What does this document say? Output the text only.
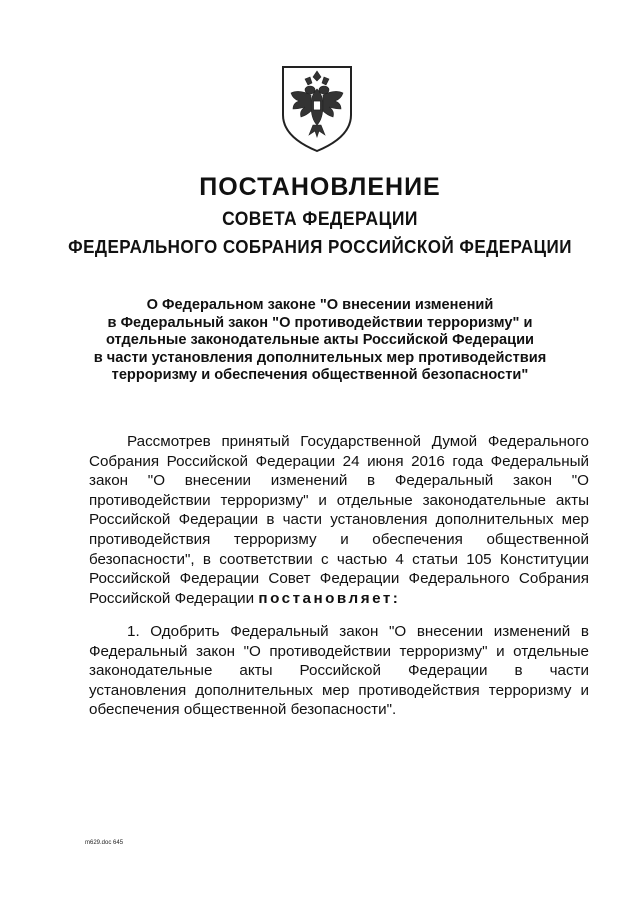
ПОСТАНОВЛЕНИЕ
СОВЕТА ФЕДЕРАЦИИ
ФЕДЕРАЛЬНОГО СОБРАНИЯ РОССИЙСКОЙ ФЕДЕРАЦИИ
О Федеральном законе "О внесении изменений
в Федеральный закон "О противодействии терроризму" и
отдельные законодательные акты Российской Федерации
в части установления дополнительных мер противодействия
терроризму и обеспечения общественной безопасности"
Рассмотрев принятый Государственной Думой Федерального
Собрания Российской Федерации 24 июня 2016 года Федеральный
закон "О внесении изменений в Федеральный закон "О
противодействии терроризму" и отдельные законодательные акты
Российской Федерации в части установления дополнительных мер
противодействия терроризму и обеспечения общественной
безопасности", в соответствии с частью 4 статьи 105 Конституции
Российской Федерации Совет Федерации Федерального Собрания
Российской Федерации постановляет:
1. Одобрить Федеральный закон "О внесении изменений в
Федеральный закон "О противодействии терроризму" и отдельные
законодательные акты Российской Федерации в части
установления дополнительных мер противодействия терроризму и
обеспечения общественной безопасности".
m629.doc 645
